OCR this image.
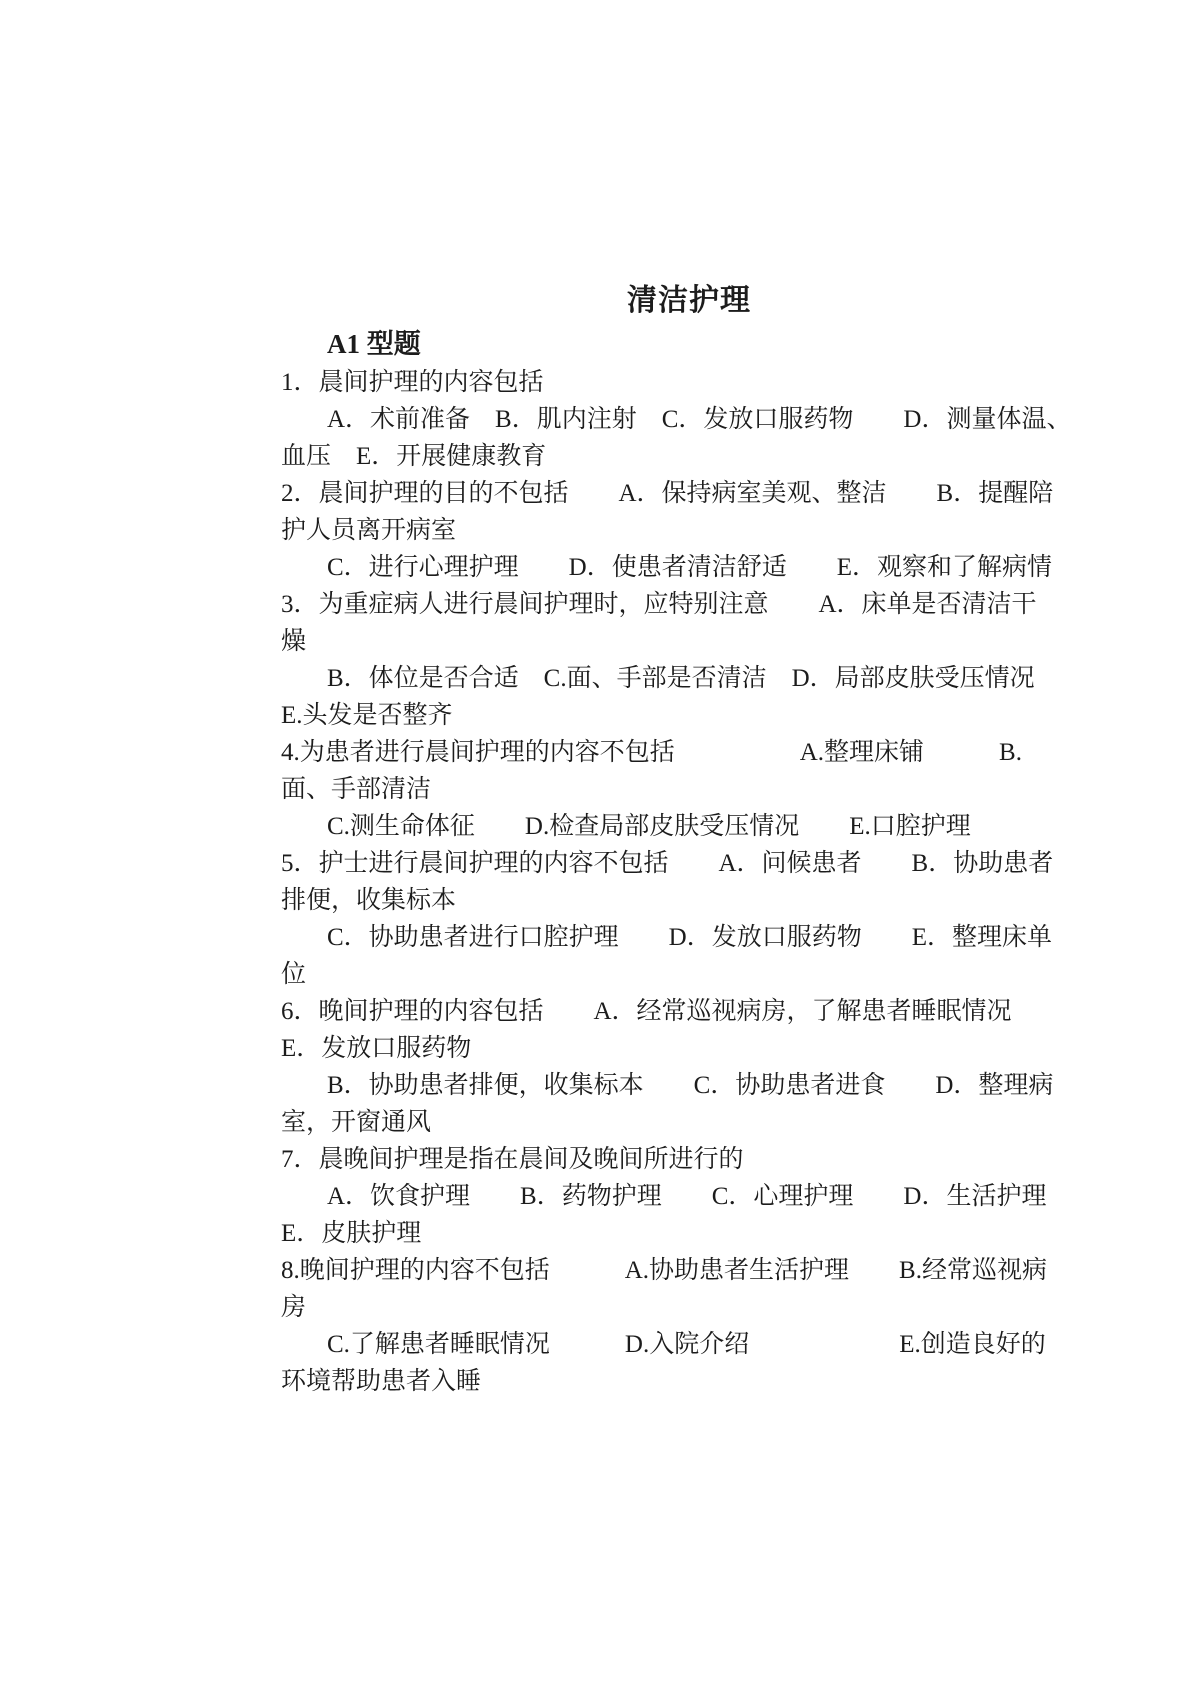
清洁护理
A1 型题
1．晨间护理的内容包括
A．术前准备　B．肌内注射　C．发放口服药物　　D．测量体温、
血压　E．开展健康教育
2．晨间护理的目的不包括　　A．保持病室美观、整洁　　B．提醒陪
护人员离开病室
C．进行心理护理　　D．使患者清洁舒适　　E．观察和了解病情
3．为重症病人进行晨间护理时，应特别注意　　A．床单是否清洁干
燥
B．体位是否合适　C.面、手部是否清洁　D．局部皮肤受压情况
E.头发是否整齐
4.为患者进行晨间护理的内容不包括　　　　　A.整理床铺　　　B.
面、手部清洁
C.测生命体征　　D.检查局部皮肤受压情况　　E.口腔护理
5．护士进行晨间护理的内容不包括　　A．问候患者　　B．协助患者
排便，收集标本
C．协助患者进行口腔护理　　D．发放口服药物　　E．整理床单
位
6．晚间护理的内容包括　　A．经常巡视病房，了解患者睡眠情况
E．发放口服药物
B．协助患者排便，收集标本　　C．协助患者进食　　D．整理病
室，开窗通风
7．晨晚间护理是指在晨间及晚间所进行的
A．饮食护理　　B．药物护理　　C．心理护理　　D．生活护理
E．皮肤护理
8.晚间护理的内容不包括　　　A.协助患者生活护理　　B.经常巡视病
房
C.了解患者睡眠情况　　　D.入院介绍　　　　　　E.创造良好的
环境帮助患者入睡
